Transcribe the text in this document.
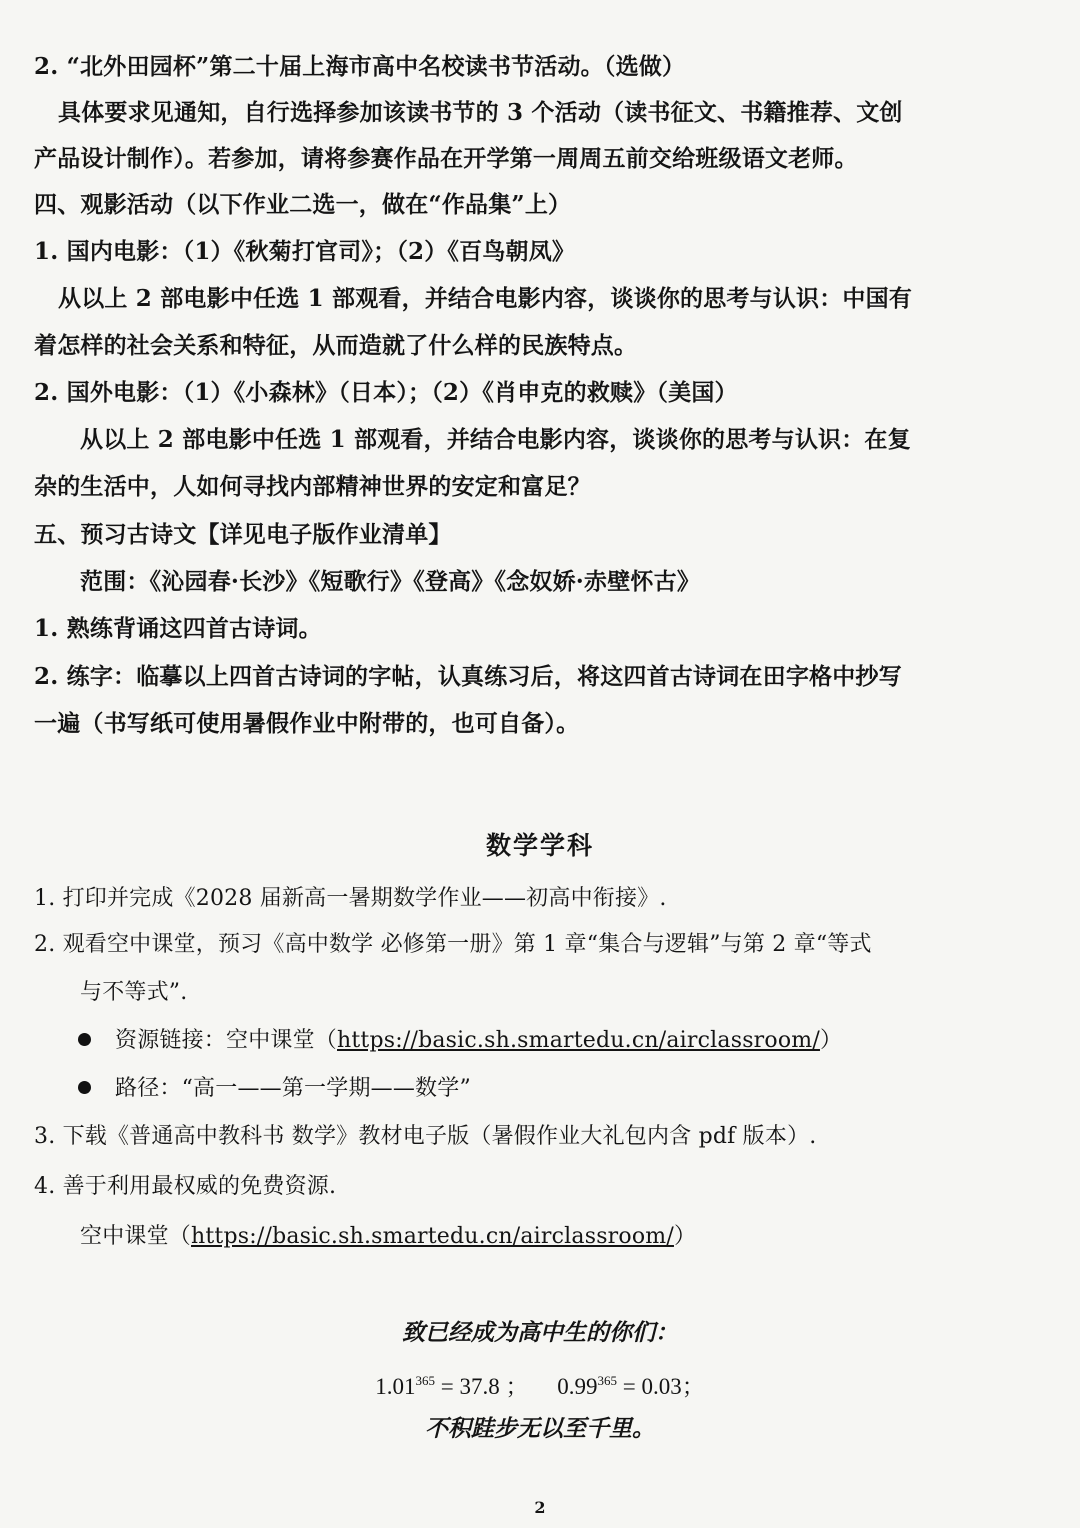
2. “北外田园杯”第二十届上海市高中名校读书节活动。（选做）
具体要求见通知，自行选择参加该读书节的 3 个活动（读书征文、书籍推荐、文创
产品设计制作）。若参加，请将参赛作品在开学第一周周五前交给班级语文老师。
四、观影活动（以下作业二选一，做在“作品集”上）
1. 国内电影：（1）《秋菊打官司》；（2）《百鸟朝凤》
从以上 2 部电影中任选 1 部观看，并结合电影内容，谈谈你的思考与认识：中国有
着怎样的社会关系和特征，从而造就了什么样的民族特点。
2. 国外电影：（1）《小森林》（日本）；（2）《肖申克的救赎》（美国）
从以上 2 部电影中任选 1 部观看，并结合电影内容，谈谈你的思考与认识：在复
杂的生活中，人如何寻找内部精神世界的安定和富足？
五、预习古诗文【详见电子版作业清单】
范围：《沁园春·长沙》《短歌行》《登高》《念奴娇·赤壁怀古》
1. 熟练背诵这四首古诗词。
2. 练字：临摹以上四首古诗词的字帖，认真练习后，将这四首古诗词在田字格中抄写
一遍（书写纸可使用暑假作业中附带的，也可自备）。
数学学科
1. 打印并完成《2028 届新高一暑期数学作业——初高中衔接》.
2. 观看空中课堂，预习《高中数学 必修第一册》第 1 章“集合与逻辑”与第 2 章“等式
与不等式”.
资源链接：空中课堂（https://basic.sh.smartedu.cn/airclassroom/）
路径：“高一——第一学期——数学”
3. 下载《普通高中教科书 数学》教材电子版（暑假作业大礼包内含 pdf 版本）.
4. 善于利用最权威的免费资源.
空中课堂（https://basic.sh.smartedu.cn/airclassroom/）
致已经成为高中生的你们：
$1.01^{365} = 37.8$ ； $0.99^{365} = 0.03$；
不积跬步无以至千里。
2
